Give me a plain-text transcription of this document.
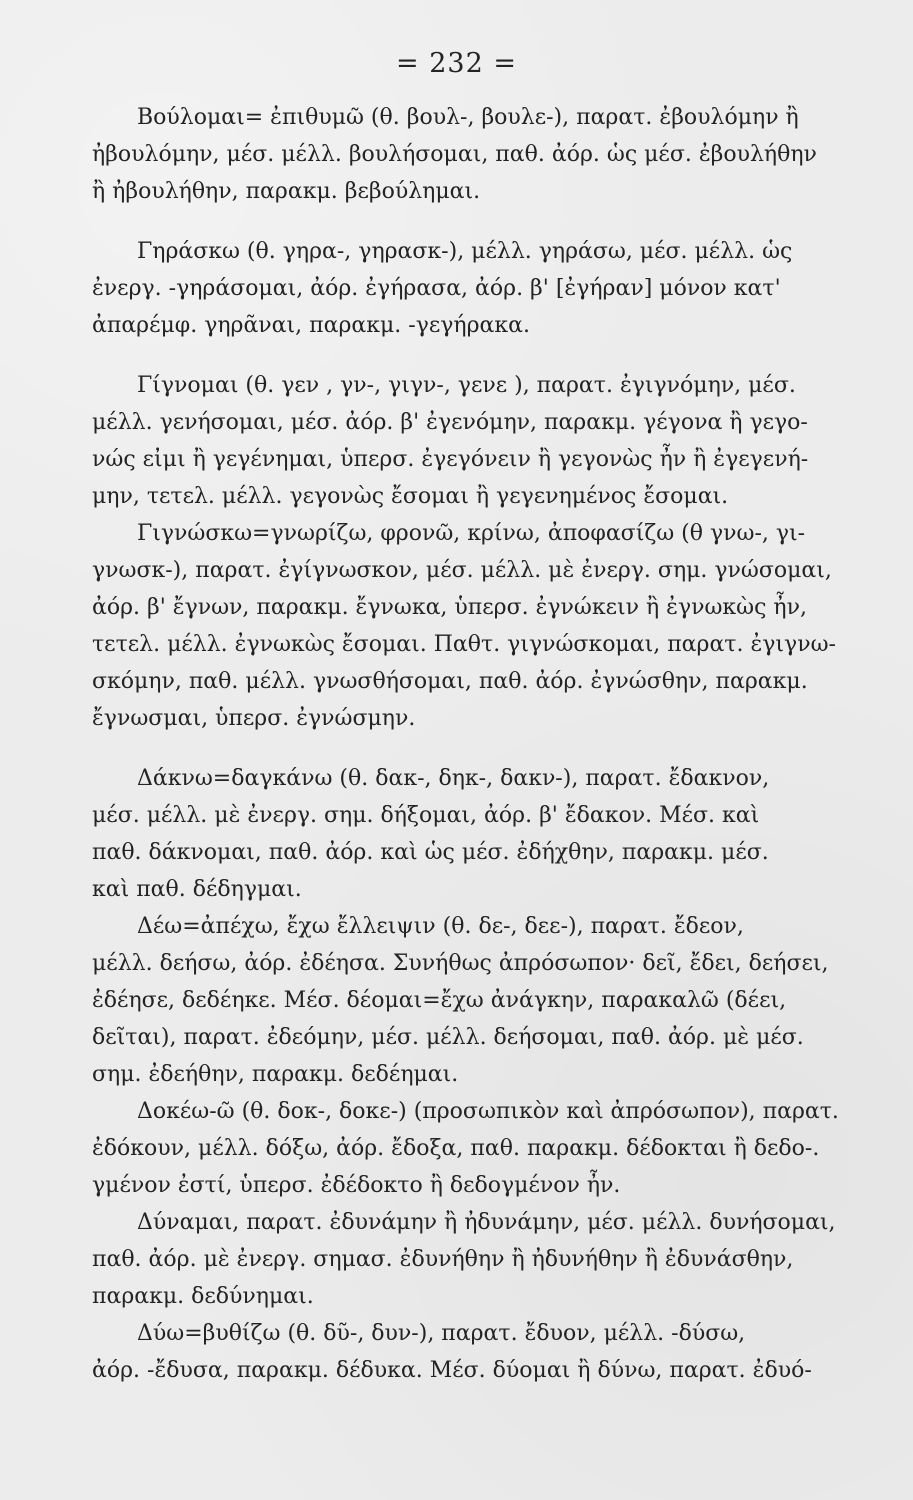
= 232 =
Βούλομαι= ἐπιθυμῶ (θ. βουλ-, βουλε-), παρατ. ἐβουλόμην ἢ
ἠβουλόμην, μέσ. μέλλ. βουλήσομαι, παθ. ἀόρ. ὡς μέσ. ἐβουλήθην
ἢ ἠβουλήθην, παρακμ. βεβούλημαι.
Γηράσκω (θ. γηρα-, γηρασκ-), μέλλ. γηράσω, μέσ. μέλλ. ὡς
ἐνεργ. -γηράσομαι, ἀόρ. ἐγήρασα, ἀόρ. β' [ἐγήραν] μόνον κατ'
ἀπαρέμφ. γηρᾶναι, παρακμ. -γεγήρακα.
Γίγνομαι (θ. γεν , γν-, γιγν-, γενε ), παρατ. ἐγιγνόμην, μέσ.
μέλλ. γενήσομαι, μέσ. ἀόρ. β' ἐγενόμην, παρακμ. γέγονα ἢ γεγο-
νώς εἰμι ἢ γεγένημαι, ὑπερσ. ἐγεγόνειν ἢ γεγονὼς ἦν ἢ ἐγεγενή-
μην, τετελ. μέλλ. γεγονὼς ἔσομαι ἢ γεγενημένος ἔσομαι.
Γιγνώσκω=γνωρίζω, φρονῶ, κρίνω, ἀποφασίζω (θ γνω-, γι-
γνωσκ-), παρατ. ἐγίγνωσκον, μέσ. μέλλ. μὲ ἐνεργ. σημ. γνώσομαι,
ἀόρ. β' ἔγνων, παρακμ. ἔγνωκα, ὑπερσ. ἐγνώκειν ἢ ἐγνωκὼς ἦν,
τετελ. μέλλ. ἐγνωκὼς ἔσομαι. Παθτ. γιγνώσκομαι, παρατ. ἐγιγνω-
σκόμην, παθ. μέλλ. γνωσθήσομαι, παθ. ἀόρ. ἐγνώσθην, παρακμ.
ἔγνωσμαι, ὑπερσ. ἐγνώσμην.
Δάκνω=δαγκάνω (θ. δακ-, δηκ-, δακν-), παρατ. ἔδακνον,
μέσ. μέλλ. μὲ ἐνεργ. σημ. δήξομαι, ἀόρ. β' ἔδακον. Μέσ. καὶ
παθ. δάκνομαι, παθ. ἀόρ. καὶ ὡς μέσ. ἐδήχθην, παρακμ. μέσ.
καὶ παθ. δέδηγμαι.
Δέω=ἀπέχω, ἔχω ἔλλειψιν (θ. δε-, δεε-), παρατ. ἔδεον,
μέλλ. δεήσω, ἀόρ. ἐδέησα. Συνήθως ἀπρόσωπον· δεῖ, ἔδει, δεήσει,
ἐδέησε, δεδέηκε. Μέσ. δέομαι=ἔχω ἀνάγκην, παρακαλῶ (δέει,
δεῖται), παρατ. ἐδεόμην, μέσ. μέλλ. δεήσομαι, παθ. ἀόρ. μὲ μέσ.
σημ. ἐδεήθην, παρακμ. δεδέημαι.
Δοκέω-ῶ (θ. δοκ-, δοκε-) (προσωπικὸν καὶ ἀπρόσωπον), παρατ.
ἐδόκουν, μέλλ. δόξω, ἀόρ. ἔδοξα, παθ. παρακμ. δέδοκται ἢ δεδο-.
γμένον ἐστί, ὑπερσ. ἐδέδοκτο ἢ δεδογμένον ἦν.
Δύναμαι, παρατ. ἐδυνάμην ἢ ἠδυνάμην, μέσ. μέλλ. δυνήσομαι,
παθ. ἀόρ. μὲ ἐνεργ. σημασ. ἐδυνήθην ἢ ἠδυνήθην ἢ ἐδυνάσθην,
παρακμ. δεδύνημαι.
Δύω=βυθίζω (θ. δῦ-, δυν-), παρατ. ἔδυον, μέλλ. -δύσω,
ἀόρ. -ἔδυσα, παρακμ. δέδυκα. Μέσ. δύομαι ἢ δύνω, παρατ. ἐδυό-
